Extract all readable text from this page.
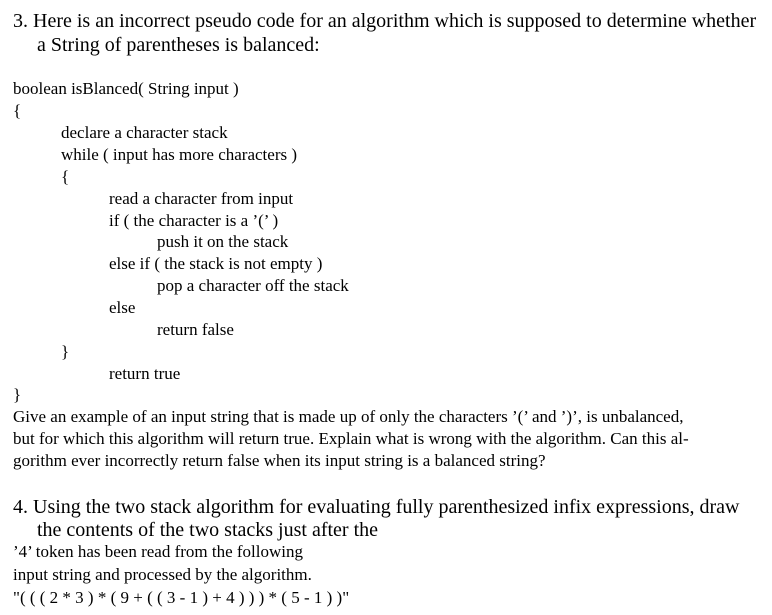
3. Here is an incorrect pseudo code for an algorithm which is supposed to determine whether
a String of parentheses is balanced:
boolean isBlanced( String input )
{
declare a character stack
while ( input has more characters )
{
read a character from input
if ( the character is a ’(’ )
push it on the stack
else if ( the stack is not empty )
pop a character off the stack
else
return false
}
return true
}
Give an example of an input string that is made up of only the characters ’(’ and ’)’, is unbalanced,
but for which this algorithm will return true. Explain what is wrong with the algorithm. Can this al-
gorithm ever incorrectly return false when its input string is a balanced string?
4. Using the two stack algorithm for evaluating fully parenthesized infix expressions, draw
the contents of the two stacks just after the
’4’ token has been read from the following
input string and processed by the algorithm.
"( ( ( 2 * 3 ) * ( 9 + ( ( 3 - 1 ) + 4 ) ) ) * ( 5 - 1 ) )"
